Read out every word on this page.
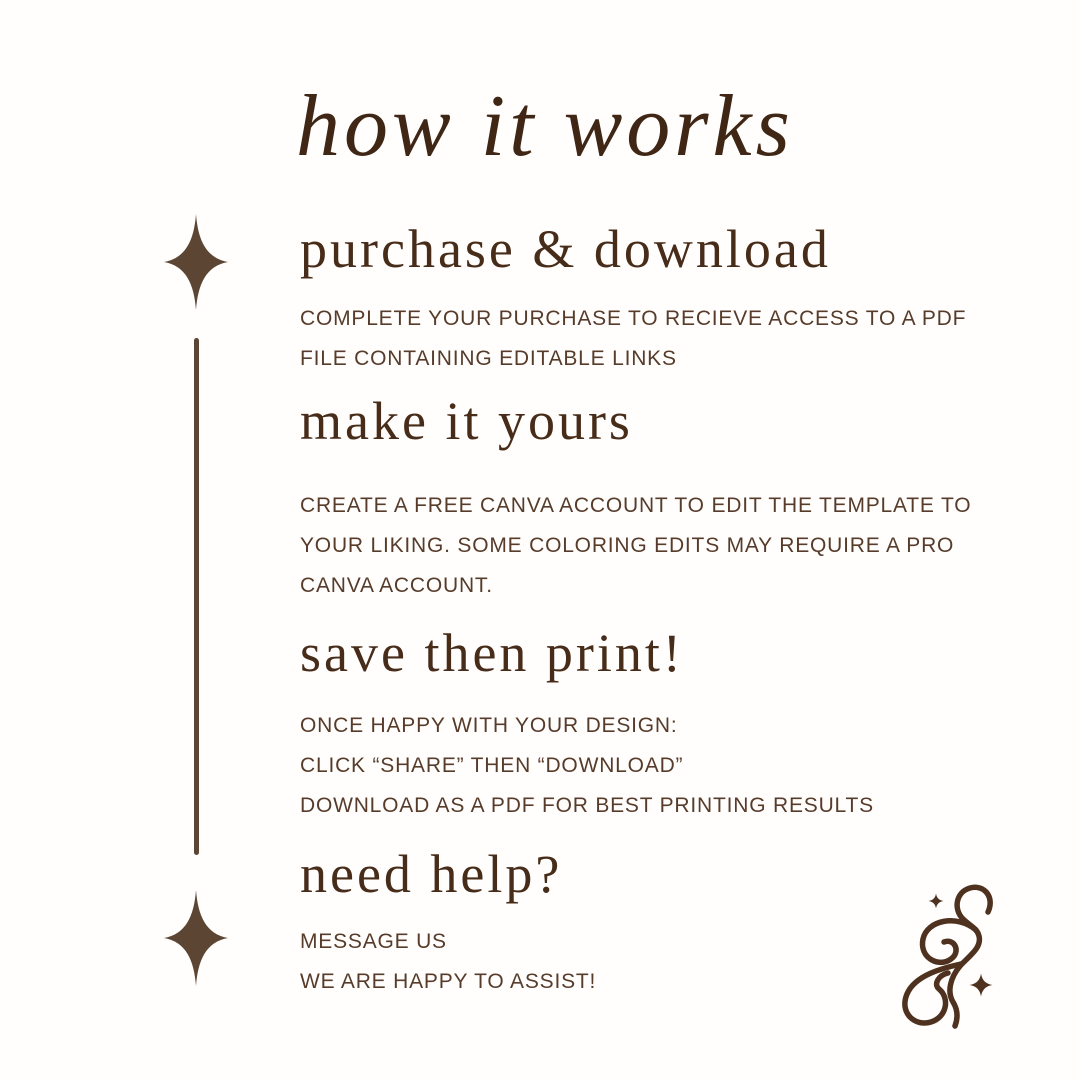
how it works
purchase & download
COMPLETE YOUR PURCHASE TO RECIEVE ACCESS TO A PDF
FILE CONTAINING EDITABLE LINKS
make it yours
CREATE A FREE CANVA ACCOUNT TO EDIT THE TEMPLATE TO
YOUR LIKING. SOME COLORING EDITS MAY REQUIRE A PRO
CANVA ACCOUNT.
save then print!
ONCE HAPPY WITH YOUR DESIGN:
CLICK “SHARE” THEN “DOWNLOAD”
DOWNLOAD AS A PDF FOR BEST PRINTING RESULTS
need help?
MESSAGE US
WE ARE HAPPY TO ASSIST!
